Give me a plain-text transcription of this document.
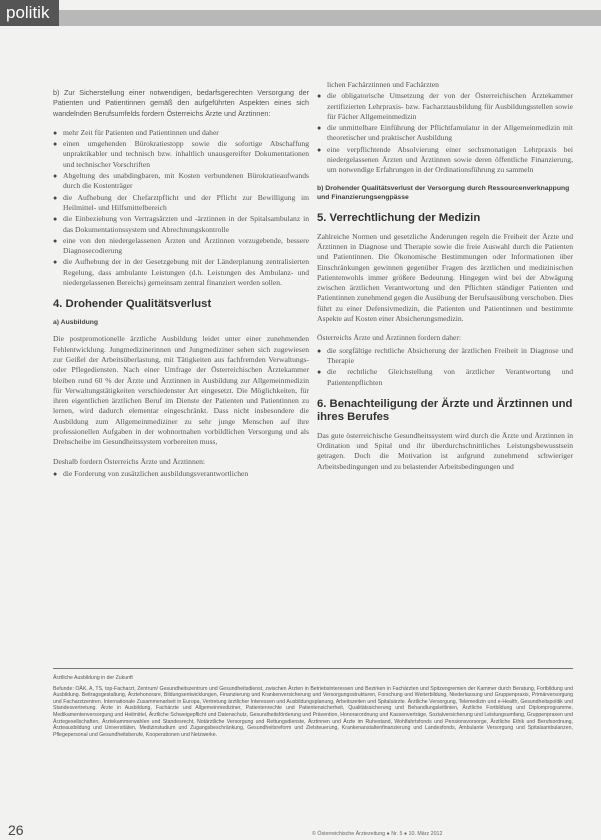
politik

b) Zur Sicherstellung einer notwendigen, bedarfsgerechten Versorgung der Patienten und Patientinnen gemäß den aufgeführten Aspekten eines sich wandelnden Berufsumfelds fordern Österreichs Ärzte und Ärztinnen:

● mehr Zeit für Patienten und Patientinnen und daher
● einen umgehenden Bürokratiestopp sowie die sofortige Abschaffung unpraktikabler und technisch bzw. inhaltlich unausgereifter Dokumentationen und technischer Vorschriften
● Abgeltung des unabdingbaren, mit Kosten verbundenen Bürokratieaufwands durch die Kostenträger
● die Aufhebung der Chefarztpflicht und der Pflicht zur Bewilligung im Heilmittel- und Hilfsmittelbereich
● die Einbeziehung von Vertragsärzten und -ärztinnen in der Spitalsambulanz in das Dokumentationssystem und Abrechnungskontrolle
● eine von den niedergelassenen Ärzten und Ärztinnen vorzugebende, bessere Diagnosecodierung
● die Aufhebung der in der Gesetzgebung mit der Länderplanung zentralisierten Regelung, dass ambulante Leistungen (d.h. Leistungen des Ambulanz- und niedergelassenen Bereichs) gemeinsam zentral finanziert werden sollen.
4. Drohender Qualitätsverlust
a) Ausbildung

Die postpromotionelle ärztliche Ausbildung leidet unter einer zunehmenden Fehlentwicklung. Jungmedizinerinnen und Jungmediziner sehen sich zugewiesen zur Geißel der Arbeitsüberlastung, mit Tätigkeiten aus fachfremden Verwaltungs- oder Pflegediensten. Nach einer Umfrage der Österreichischen Ärztekammer bleiben rund 60 % der Ärzte und Ärztinnen in Ausbildung zur Allgemeinmedizin für Verwaltungstätigkeiten verschiedenster Art eingesetzt. Die Möglichkeiten, für ihren eigentlichen ärztlichen Beruf im Dienste der Patienten und Patientinnen zu lernen, wird dadurch elementar eingeschränkt. Dass nicht insbesondere die Ausbildung zum Allgemeinmediziner zu sehr junge Menschen auf ihre professionellen Aufgaben in der wohnortnahen vorbildlichen Versorgung und als Drehscheibe im Gesundheitssystem vorbereiten muss,

Deshalb fordern Österreichs Ärzte und Ärztinnen:

● die Forderung von zusätzlichen ausbildungsverantwortlichen

lichen Fachärztinnen und Fachärzten

● die obligatorische Umsetzung der von der Österreichischen Ärztekammer zertifizierten Lehrpraxis- bzw. Facharztausbildung für Ausbildungsstellen sowie für Fächer Allgemeinmedizin
● die unmittelbare Einführung der Pflichtfamulatur in der Allgemeinmedizin mit theoretischer und praktischer Ausbildung
● eine verpflichtende Absolvierung einer sechsmonatigen Lehrpraxis bei niedergelassenen Ärzten und Ärztinnen sowie deren öffentliche Finanzierung, um notwendige Erfahrungen in der Ordinationsführung zu sammeln
b) Drohender Qualitätsverlust der Versorgung durch Ressourcenverknappung und Finanzierungsengpässe
5. Verrechtlichung der Medizin

Zahlreiche Normen und gesetzliche Änderungen regeln die Freiheit der Ärzte und Ärztinnen in Diagnose und Therapie sowie die freie Auswahl durch die Patienten und Patientinnen. Die Ökonomische Bestimmungen oder Informationen über Einschränkungen gewinnen gegenüber Fragen des ärztlichen und medizinischen Patientenwohls immer größere Bedeutung. Hingegen wird bei der Abwägung zwischen ärztlichen Verantwortung und den Pflichten ständiger Patienten und Patientinnen zunehmend gegen die Ausübung der Berufsausübung verschoben. Dies führt zu einer Defensivmedizin, die Patienten und Patientinnen und bestimmte Aspekte auf Kosten einer Absicherungsmedizin.

Österreichs Ärzte und Ärztinnen fordern daher:

● die sorgfältige rechtliche Absicherung der ärztlichen Freiheit in Diagnose und Therapie
● die rechtliche Gleichstellung von ärztlicher Verantwortung und Patientenpflichten
6. Benachteiligung der Ärzte und Ärztinnen und ihres Berufes

Das gute österreichische Gesundheitssystem wird durch die Ärzte und Ärztinnen in Ordination und Spital und ihr überdurchschnittliches Leistungsbewusstsein getragen. Doch die Motivation ist aufgrund zunehmend schwieriger Arbeitsbedingungen und zu belastender Arbeitsbedingungen und

Ärztliche Ausbildung in der Zukunft
Befunde: OÄK, A, TS, top-Facharzt, Zentrum/ Gesundheitszentrum und Gesundheitsdienst, zwischen Ärzten in Betriebsinteressen und Bezirken in Fachärzten und Spitzengremien der Kammer durch Beratung, Fortbildung und Ausbildung. Beitragsgestaltung, Ärztehonorare, Bildungsentwicklungen, Finanzierung und Krankenversicherung und Versorgungsstrukturen, Forschung und Weiterbildung, Niederlassung und Gruppenpraxis, Primärversorgung und Facharztzentren. Internationale Zusammenarbeit in Europa, Vertretung ärztlicher Interessen und Ausbildungsplanung, Arbeitszeiten und Spitalsärzte. Ärztliche Versorgung, Telemedizin und e-Health, Gesundheitspolitik und Standesvertretung. Ärzte in Ausbildung, Fachärzte und Allgemeinmediziner, Patientenrechte und Patientensicherheit, Qualitätssicherung und Behandlungsleitlinien, Ärztliche Fortbildung und Diplomprogramme, Medikamentenversorgung und Heilmittel, Ärztliche Schweigepflicht und Datenschutz, Gesundheitsförderung und Prävention, Honorarordnung und Kassenverträge, Sozialversicherung und Leistungsumfang, Gruppenpraxen und Ärztegesellschaften, Ärztekammerwahlen und Standesrecht, Notärztliche Versorgung und Rettungsdienste, Ärztinnen und Ärzte im Ruhestand, Wohlfahrtsfonds und Pensionsvorsorge, Ärztliche Ethik und Berufsordnung, Ärzteausbildung und Universitäten, Medizinstudium und Zugangsbeschränkung, Gesundheitsreform und Zielsteuerung, Krankenanstaltenfinanzierung und Landesfonds, Ambulante Versorgung und Spitalsambulanzen, Pflegepersonal und Gesundheitsberufe, Kooperationen und Netzwerke.
26	© Österreichische Ärztezeitung ● Nr. 5 ● 10. März 2012
